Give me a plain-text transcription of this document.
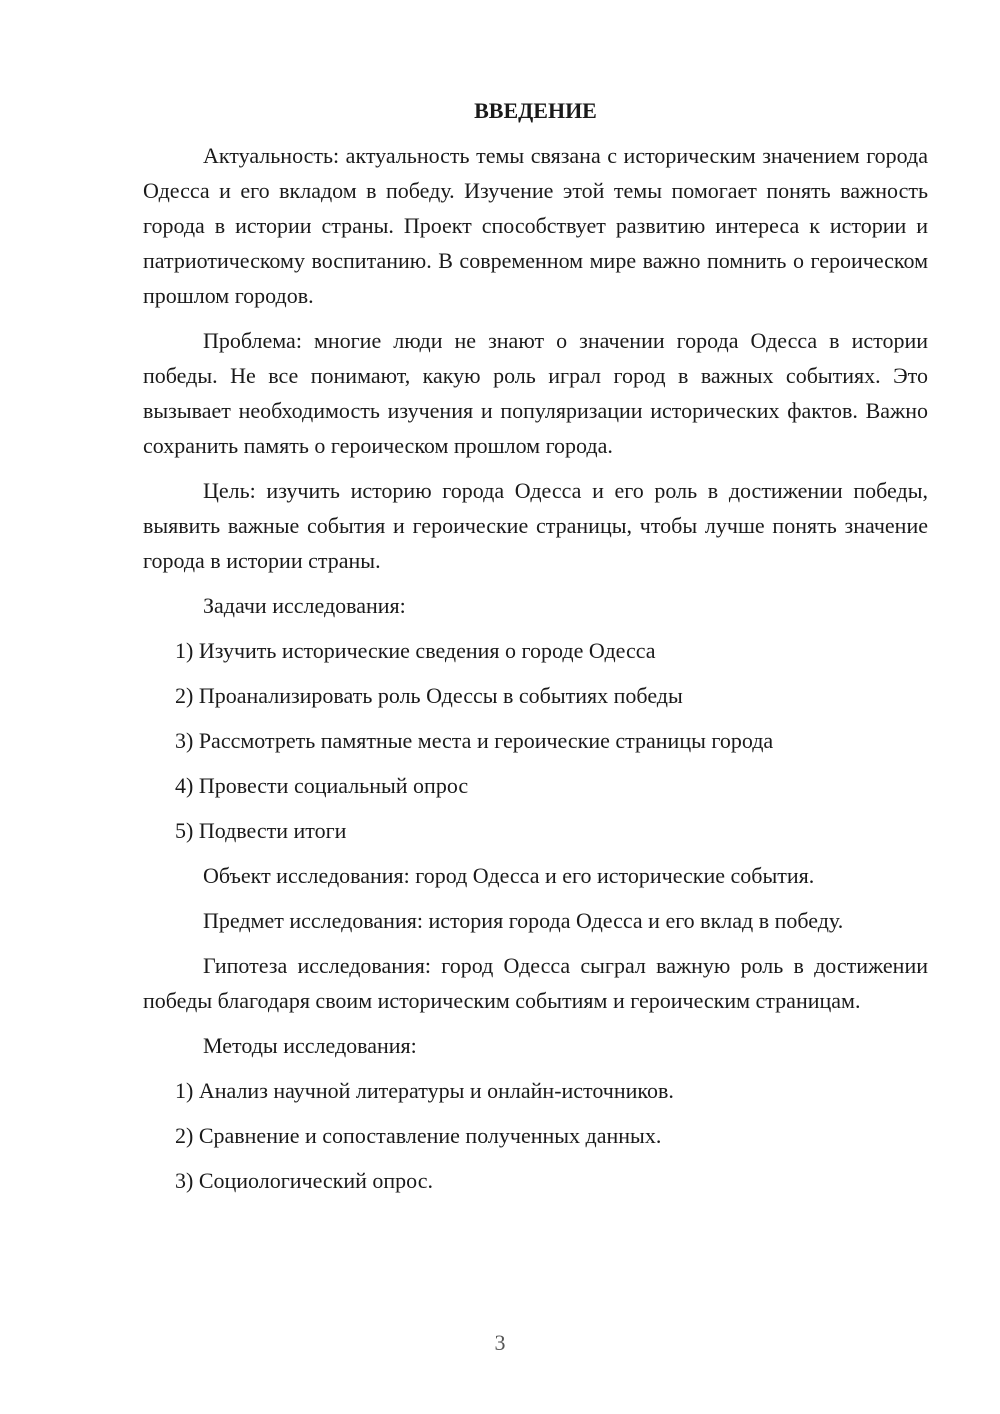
ВВЕДЕНИЕ

Актуальность: актуальность темы связана с историческим значением города Одесса и его вкладом в победу. Изучение этой темы помогает понять важность города в истории страны. Проект способствует развитию интереса к истории и патриотическому воспитанию. В современном мире важно помнить о героическом прошлом городов.

Проблема: многие люди не знают о значении города Одесса в истории победы. Не все понимают, какую роль играл город в важных событиях. Это вызывает необходимость изучения и популяризации исторических фактов. Важно сохранить память о героическом прошлом города.

Цель: изучить историю города Одесса и его роль в достижении победы, выявить важные события и героические страницы, чтобы лучше понять значение города в истории страны.

Задачи исследования:

1) Изучить исторические сведения о городе Одесса
2) Проанализировать роль Одессы в событиях победы
3) Рассмотреть памятные места и героические страницы города
4) Провести социальный опрос
5) Подвести итоги

Объект исследования: город Одесса и его исторические события.

Предмет исследования: история города Одесса и его вклад в победу.

Гипотеза исследования: город Одесса сыграл важную роль в достижении победы благодаря своим историческим событиям и героическим страницам.

Методы исследования:

1) Анализ научной литературы и онлайн-источников.
2) Сравнение и сопоставление полученных данных.
3) Социологический опрос.
3
